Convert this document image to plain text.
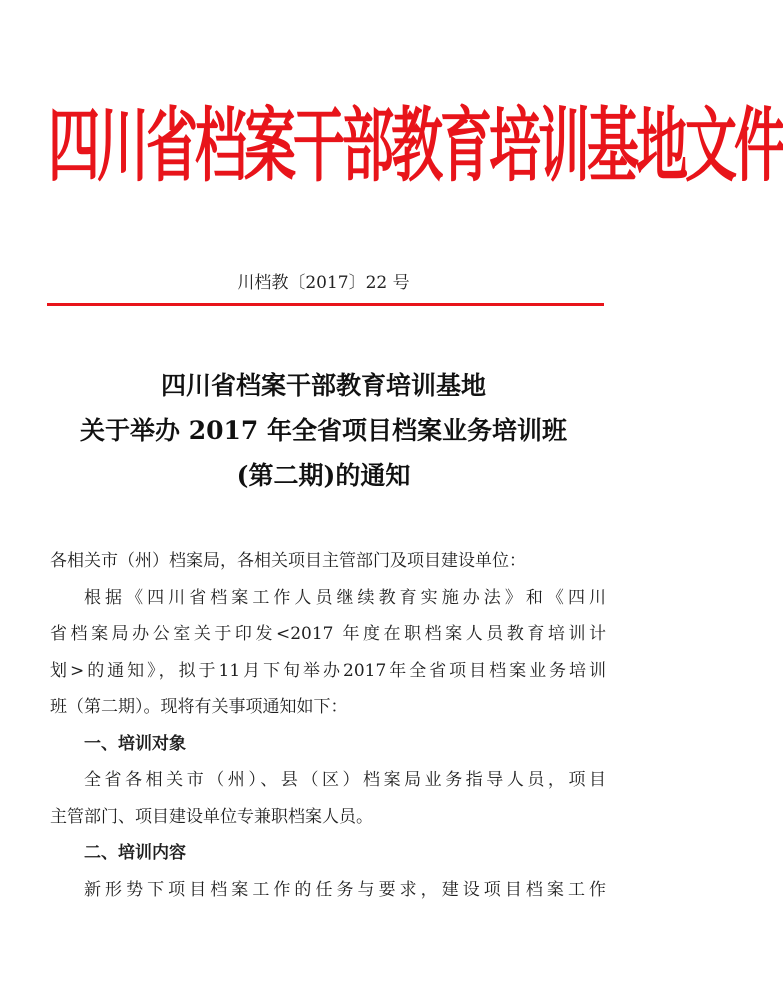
四川省档案干部教育培训基地文件
川档教〔2017〕22 号
四川省档案干部教育培训基地
关于举办 2017 年全省项目档案业务培训班
(第二期)的通知
各相关市（州）档案局，各相关项目主管部门及项目建设单位：
根据《四川省档案工作人员继续教育实施办法》和《四川
省档案局办公室关于印发<2017 年度在职档案人员教育培训计
划>的通知》，拟于11月下旬举办2017年全省项目档案业务培训
班（第二期）。现将有关事项通知如下：
一、培训对象
全省各相关市（州）、县（区）档案局业务指导人员，项目
主管部门、项目建设单位专兼职档案人员。
二、培训内容
新形势下项目档案工作的任务与要求，建设项目档案工作
